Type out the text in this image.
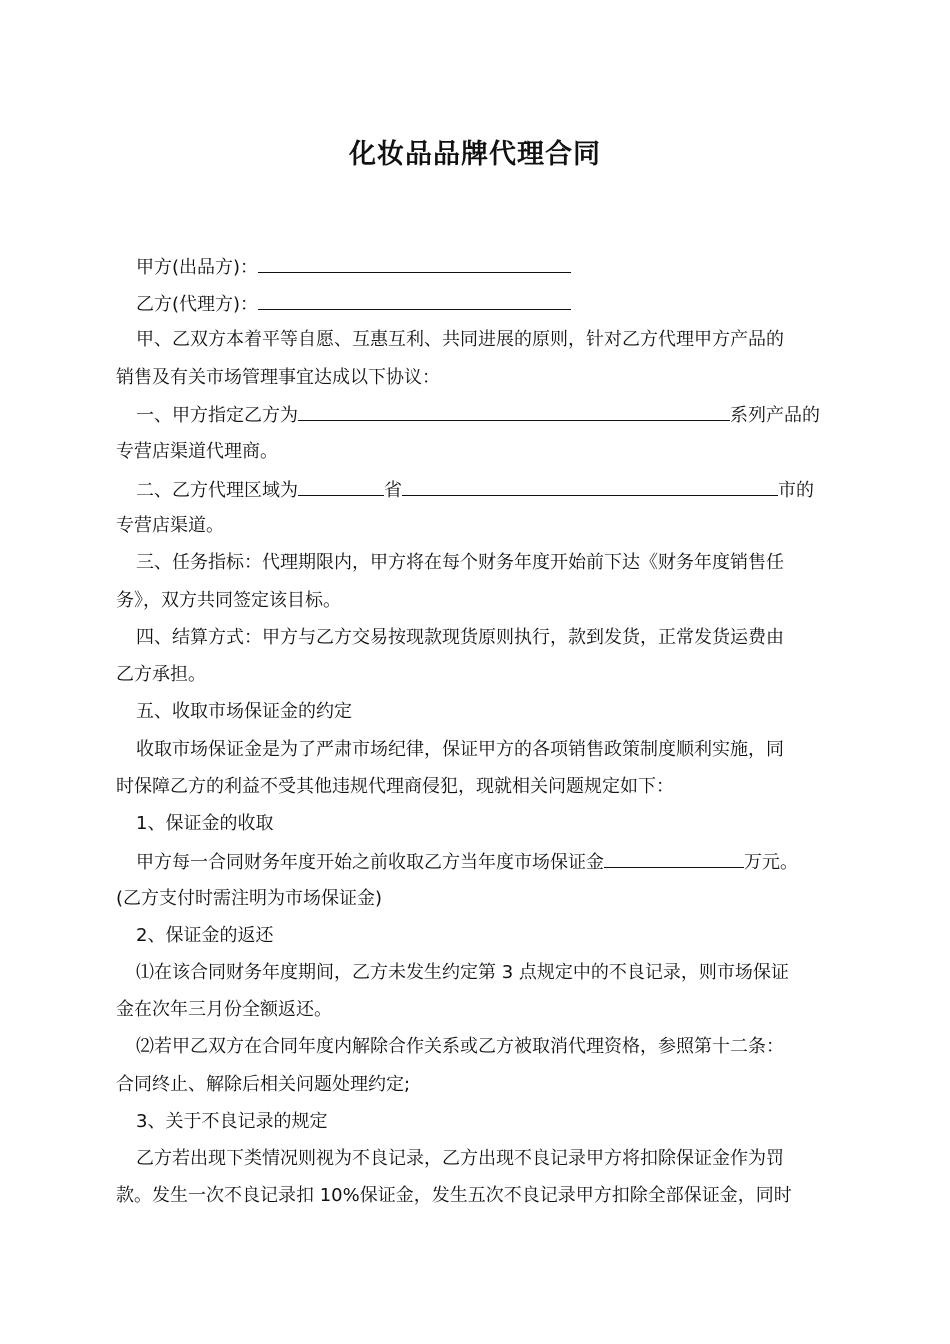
化妆品品牌代理合同
甲方(出品方)：
乙方(代理方)：
甲、乙双方本着平等自愿、互惠互利、共同进展的原则，针对乙方代理甲方产品的
销售及有关市场管理事宜达成以下协议：
一、甲方指定乙方为	系列产品的
专营店渠道代理商。
二、乙方代理区域为	省	市的
专营店渠道。
三、任务指标：代理期限内，甲方将在每个财务年度开始前下达《财务年度销售任
务》，双方共同签定该目标。
四、结算方式：甲方与乙方交易按现款现货原则执行，款到发货，正常发货运费由
乙方承担。
五、收取市场保证金的约定
收取市场保证金是为了严肃市场纪律，保证甲方的各项销售政策制度顺利实施，同
时保障乙方的利益不受其他违规代理商侵犯，现就相关问题规定如下：
1、保证金的收取
甲方每一合同财务年度开始之前收取乙方当年度市场保证金	万元。
(乙方支付时需注明为市场保证金)
2、保证金的返还
⑴在该合同财务年度期间，乙方未发生约定第 3 点规定中的不良记录，则市场保证
金在次年三月份全额返还。
⑵若甲乙双方在合同年度内解除合作关系或乙方被取消代理资格，参照第十二条：
合同终止、解除后相关问题处理约定;
3、关于不良记录的规定
乙方若出现下类情况则视为不良记录，乙方出现不良记录甲方将扣除保证金作为罚
款。发生一次不良记录扣 10%保证金，发生五次不良记录甲方扣除全部保证金，同时
